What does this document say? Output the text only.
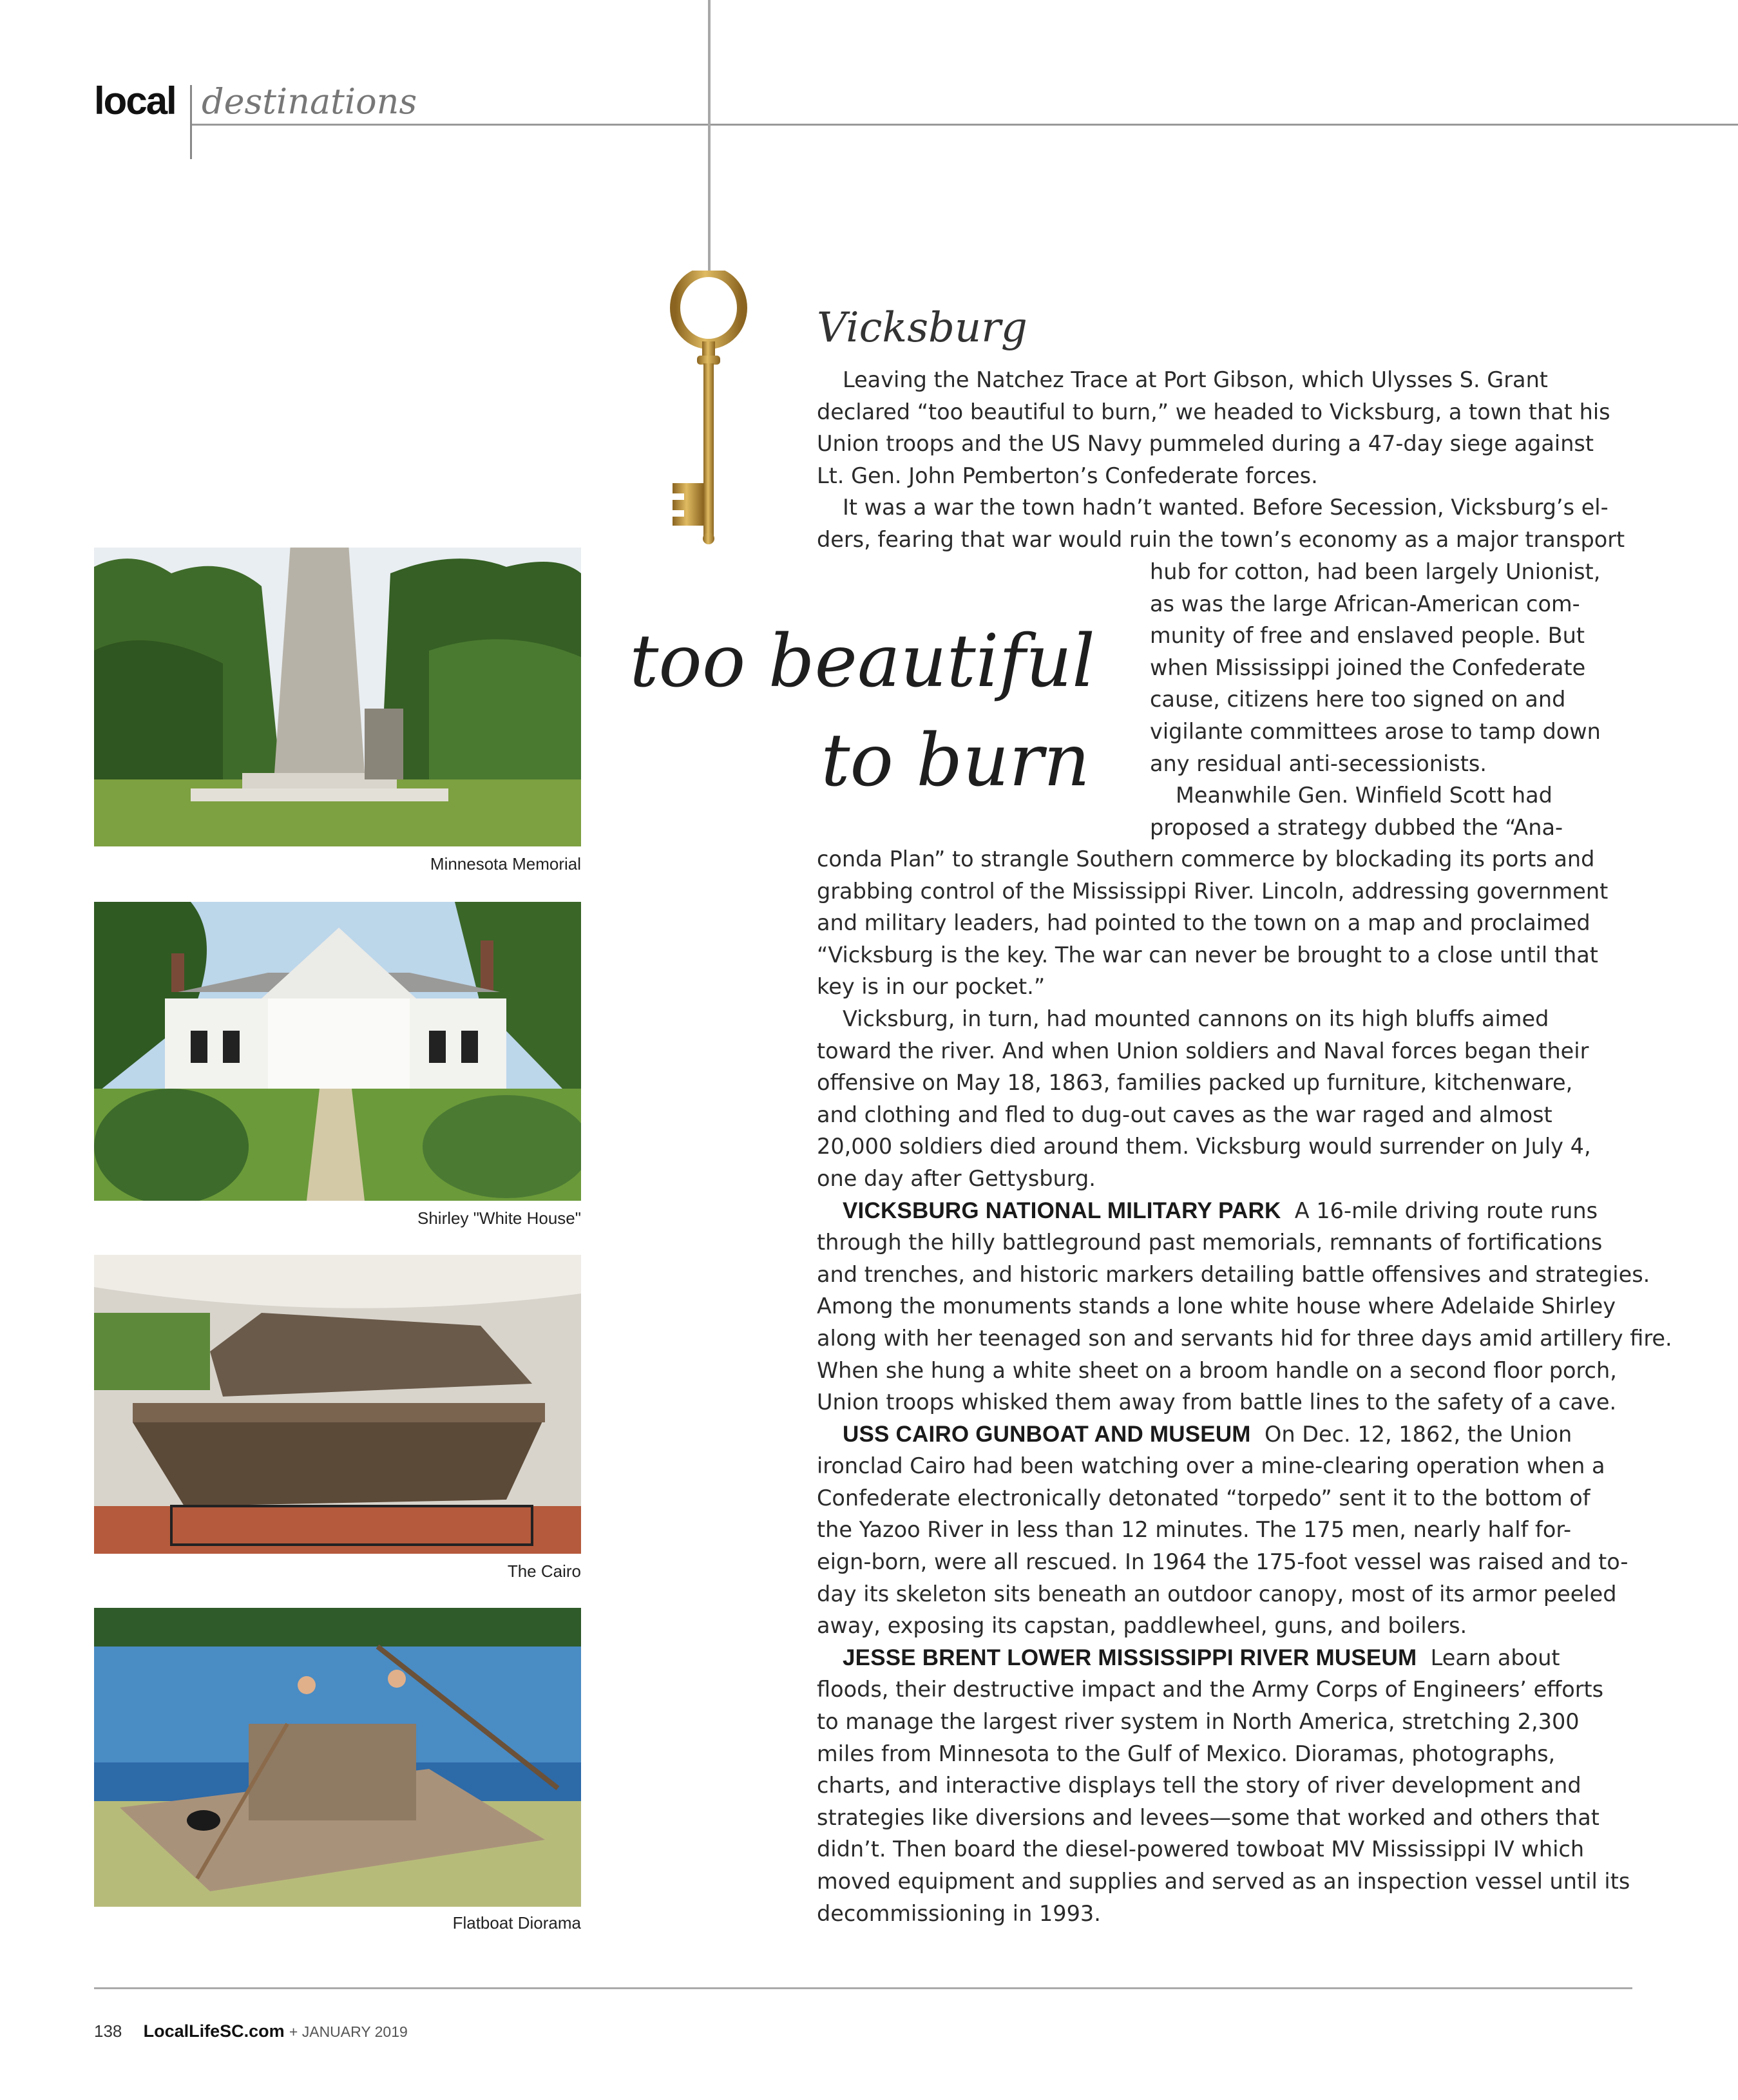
local destinations
Minnesota Memorial
Shirley "White House"
The Cairo
Flatboat Diorama
Vicksburg
too beautiful
to burn

Leaving the Natchez Trace at Port Gibson, which Ulysses S. Grant

declared “too beautiful to burn,” we headed to Vicksburg, a town that his

Union troops and the US Navy pummeled during a 47-day siege against

Lt. Gen. John Pemberton’s Confederate forces.

It was a war the town hadn’t wanted. Before Secession, Vicksburg’s el-

ders, fearing that war would ruin the town’s economy as a major transport

hub for cotton, had been largely Unionist,

as was the large African-American com-

munity of free and enslaved people. But

when Mississippi joined the Confederate

cause, citizens here too signed on and

vigilante committees arose to tamp down

any residual anti-secessionists.

Meanwhile Gen. Winfield Scott had

proposed a strategy dubbed the “Ana-

conda Plan” to strangle Southern commerce by blockading its ports and

grabbing control of the Mississippi River. Lincoln, addressing government

and military leaders, had pointed to the town on a map and proclaimed

“Vicksburg is the key. The war can never be brought to a close until that

key is in our pocket.”

Vicksburg, in turn, had mounted cannons on its high bluffs aimed

toward the river. And when Union soldiers and Naval forces began their

offensive on May 18, 1863, families packed up furniture, kitchenware,

and clothing and fled to dug-out caves as the war raged and almost

20,000 soldiers died around them. Vicksburg would surrender on July 4,

one day after Gettysburg.

VICKSBURG NATIONAL MILITARY PARK A 16-mile driving route runs

through the hilly battleground past memorials, remnants of fortifications

and trenches, and historic markers detailing battle offensives and strategies.

Among the monuments stands a lone white house where Adelaide Shirley

along with her teenaged son and servants hid for three days amid artillery fire.

When she hung a white sheet on a broom handle on a second floor porch,

Union troops whisked them away from battle lines to the safety of a cave.

USS CAIRO GUNBOAT AND MUSEUM On Dec. 12, 1862, the Union

ironclad Cairo had been watching over a mine-clearing operation when a

Confederate electronically detonated “torpedo” sent it to the bottom of

the Yazoo River in less than 12 minutes. The 175 men, nearly half for-

eign-born, were all rescued. In 1964 the 175-foot vessel was raised and to-

day its skeleton sits beneath an outdoor canopy, most of its armor peeled

away, exposing its capstan, paddlewheel, guns, and boilers.

JESSE BRENT LOWER MISSISSIPPI RIVER MUSEUM Learn about

floods, their destructive impact and the Army Corps of Engineers’ efforts

to manage the largest river system in North America, stretching 2,300

miles from Minnesota to the Gulf of Mexico. Dioramas, photographs,

charts, and interactive displays tell the story of river development and

strategies like diversions and levees—some that worked and others that

didn’t. Then board the diesel-powered towboat MV Mississippi IV which

moved equipment and supplies and served as an inspection vessel until its

decommissioning in 1993.

138 LocalLifeSC.com + JANUARY 2019
